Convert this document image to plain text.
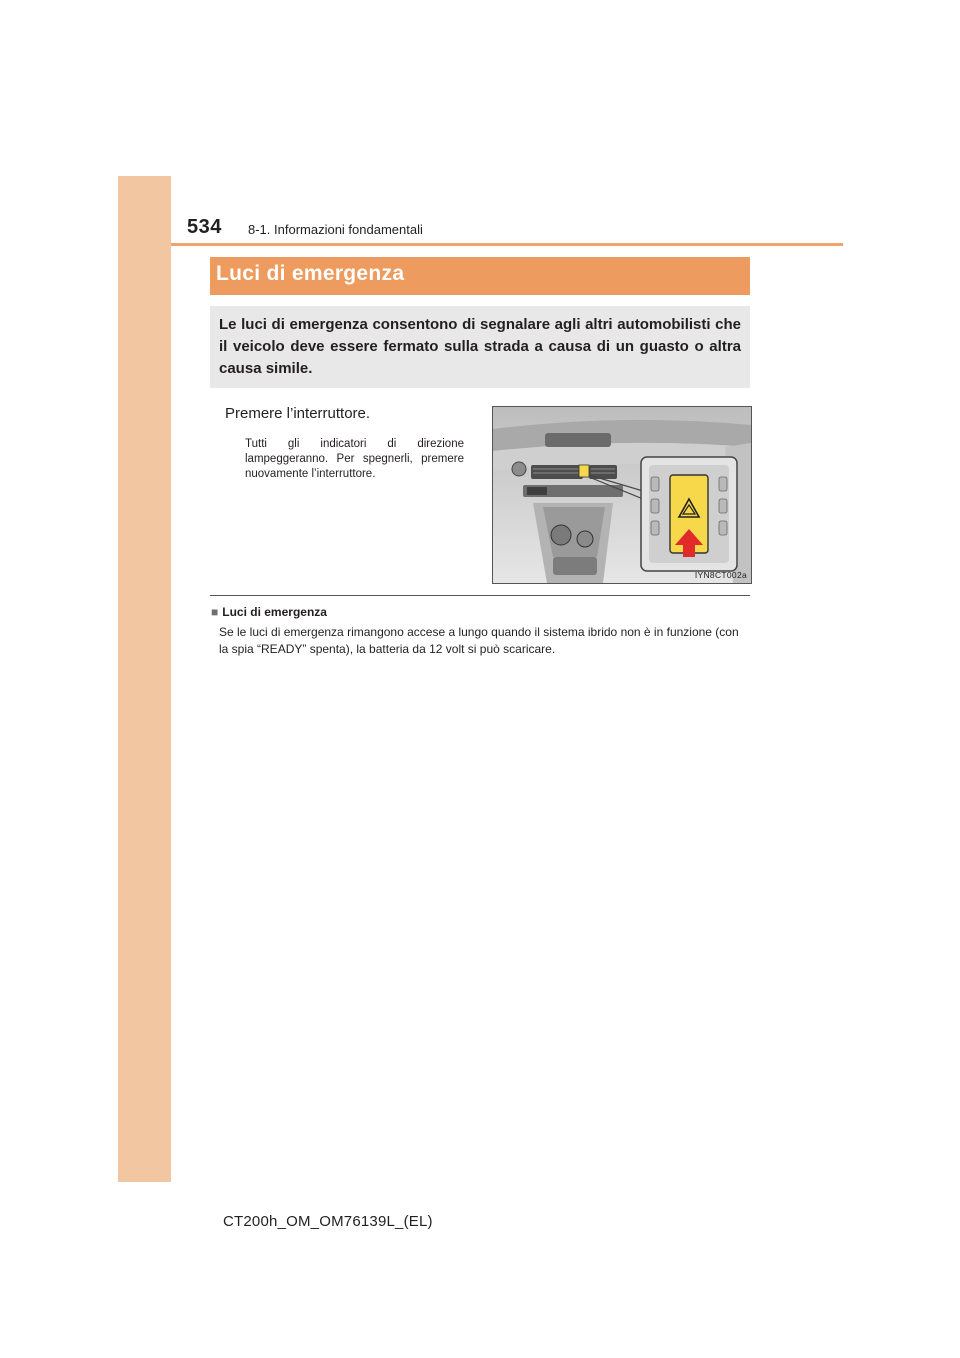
534 8-1. Informazioni fondamentali
Luci di emergenza
Le luci di emergenza consentono di segnalare agli altri automobilisti che il veicolo deve essere fermato sulla strada a causa di un guasto o altra causa simile.
Premere l’interruttore.
Tutti gli indicatori di direzione lampeggeranno. Per spegnerli, premere nuovamente l’interruttore.
IYN8CT002a
■ Luci di emergenza
Se le luci di emergenza rimangono accese a lungo quando il sistema ibrido non è in funzione (con la spia “READY” spenta), la batteria da 12 volt si può scaricare.
CT200h_OM_OM76139L_(EL)
